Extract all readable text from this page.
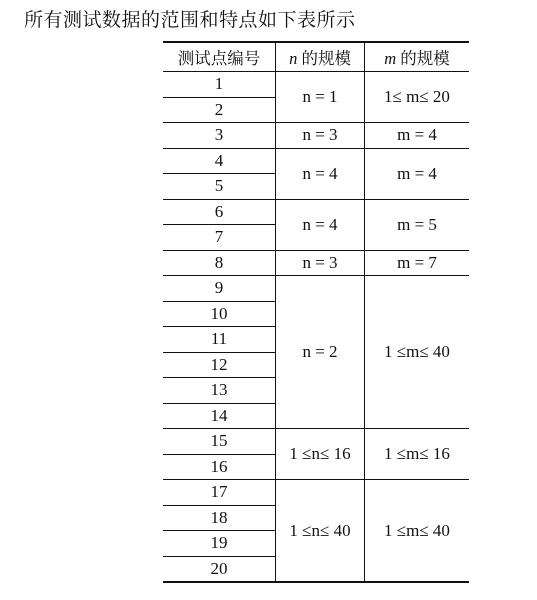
所有测试数据的范围和特点如下表所示
测试点编号	n 的规模	m 的规模
1	n = 1	1≤ m≤ 20
2		
3	n = 3	m = 4
4	n = 4	m = 4
5		
6	n = 4	m = 5
7		
8	n = 3	m = 7
9	n = 2	1 ≤m≤ 40
10		
11		
12		
13		
14		
15	1 ≤n≤ 16	1 ≤m≤ 16
16		
17	1 ≤n≤ 40	1 ≤m≤ 40
18		
19		
20		
